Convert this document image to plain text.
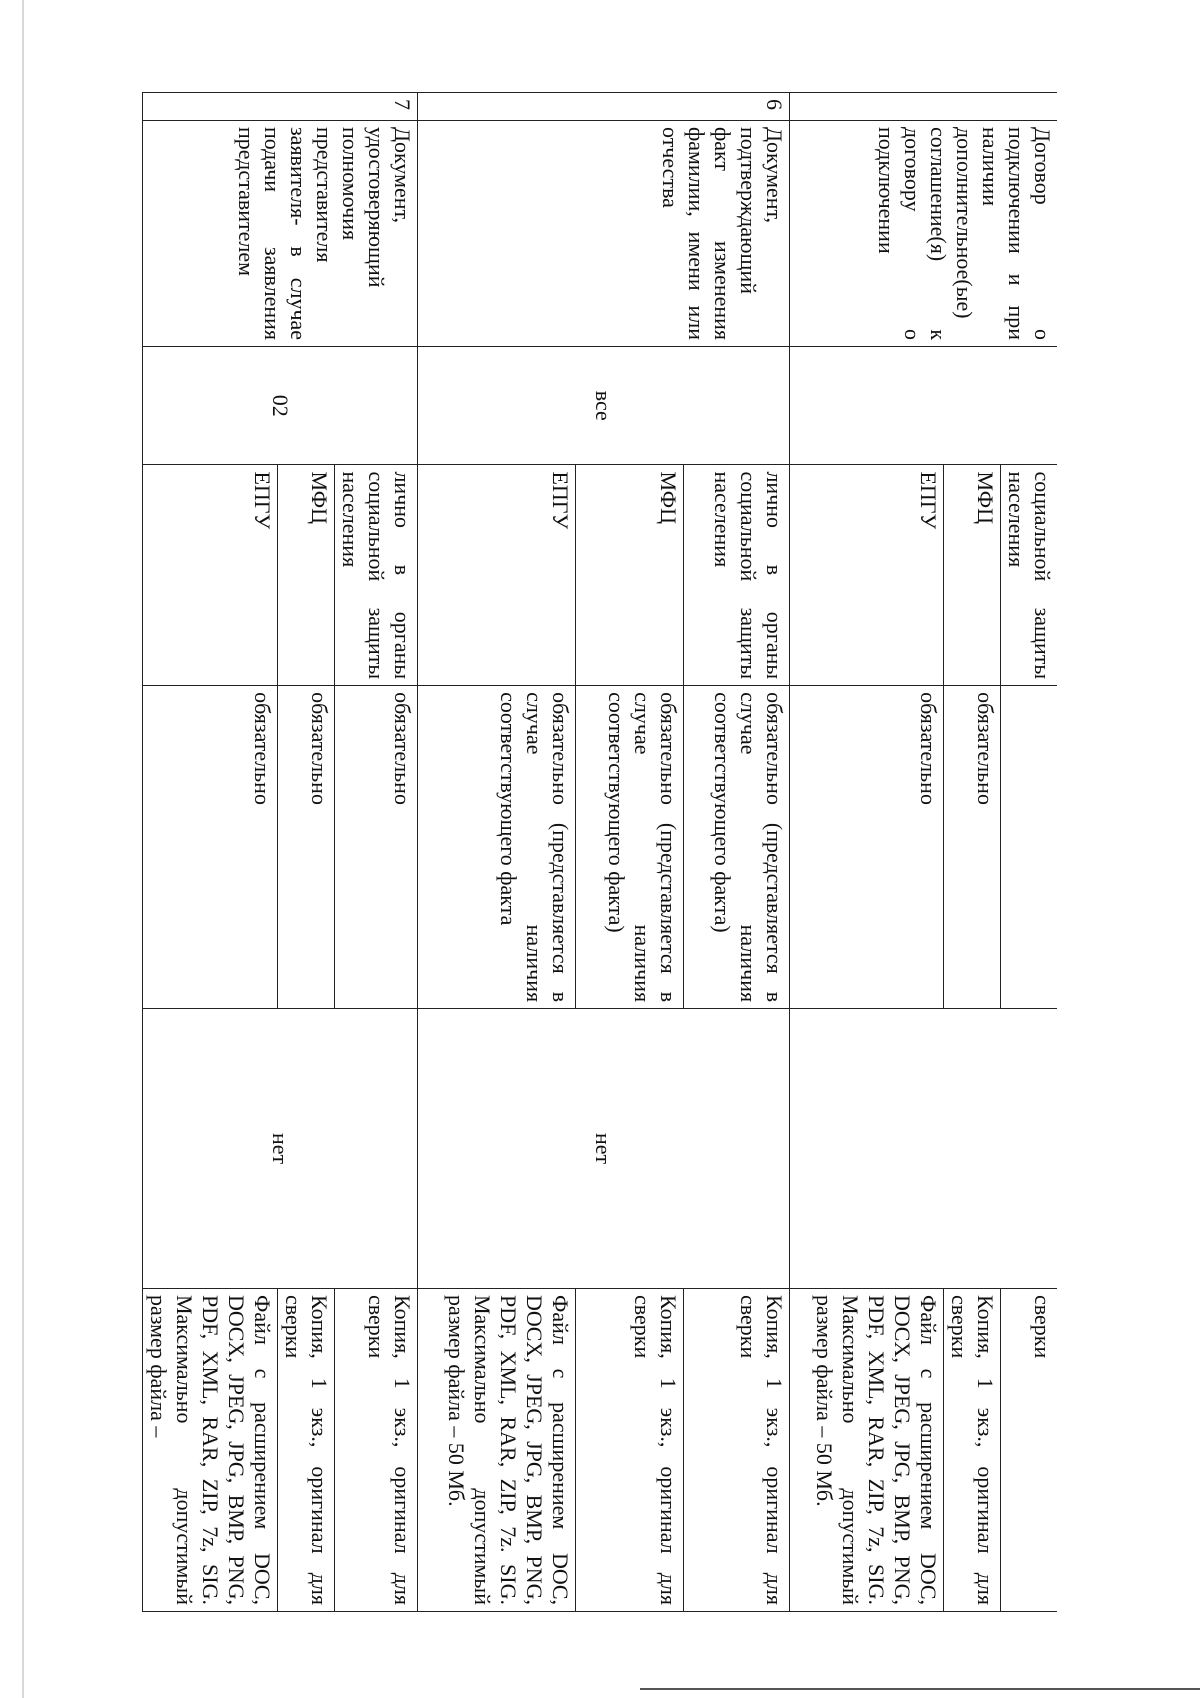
	Договор о подключении и при наличии дополнительное(ые) соглашение(я) к договору о подключении		социальной защиты населения			сверки
			МФЦ	обязательно		Копия, 1 экз., оригинал для сверки
			ЕПГУ	обязательно		Файл с расширением DOC, DOCX, JPEG, JPG, BMP, PNG, PDF, XML, RAR, ZIP, 7z, SIG. Максимально допустимый размер файла – 50 Мб.
6	Документ, подтверждающий факт изменения фамилии, имени или отчества	все	лично в органы социальной защиты населения	обязательно (представляется в случае наличия соответствующего факта)	нет	Копия, 1 экз., оригинал для сверки
			МФЦ	обязательно (представляется в случае наличия соответствующего факта)		Копия, 1 экз., оригинал для сверки
			ЕПГУ	обязательно (представляется в случае наличия соответствующего факта		Файл с расширением DOC, DOCX, JPEG, JPG, BMP, PNG, PDF, XML, RAR, ZIP, 7z. SIG. Максимально допустимый размер файла – 50 Мб.
7	Документ, удостоверяющий полномочия представителя заявителя- в случае подачи заявления представителем	02	лично в органы социальной защиты населения	обязательно	нет	Копия, 1 экз., оригинал для сверки
			МФЦ	обязательно		Копия, 1 экз., оригинал для сверки
			ЕПГУ	обязательно		Файл с расширением DOC, DOCX, JPEG, JPG, BMP, PNG, PDF, XML, RAR, ZIP, 7z, SIG. Максимально допустимый размер файла –
